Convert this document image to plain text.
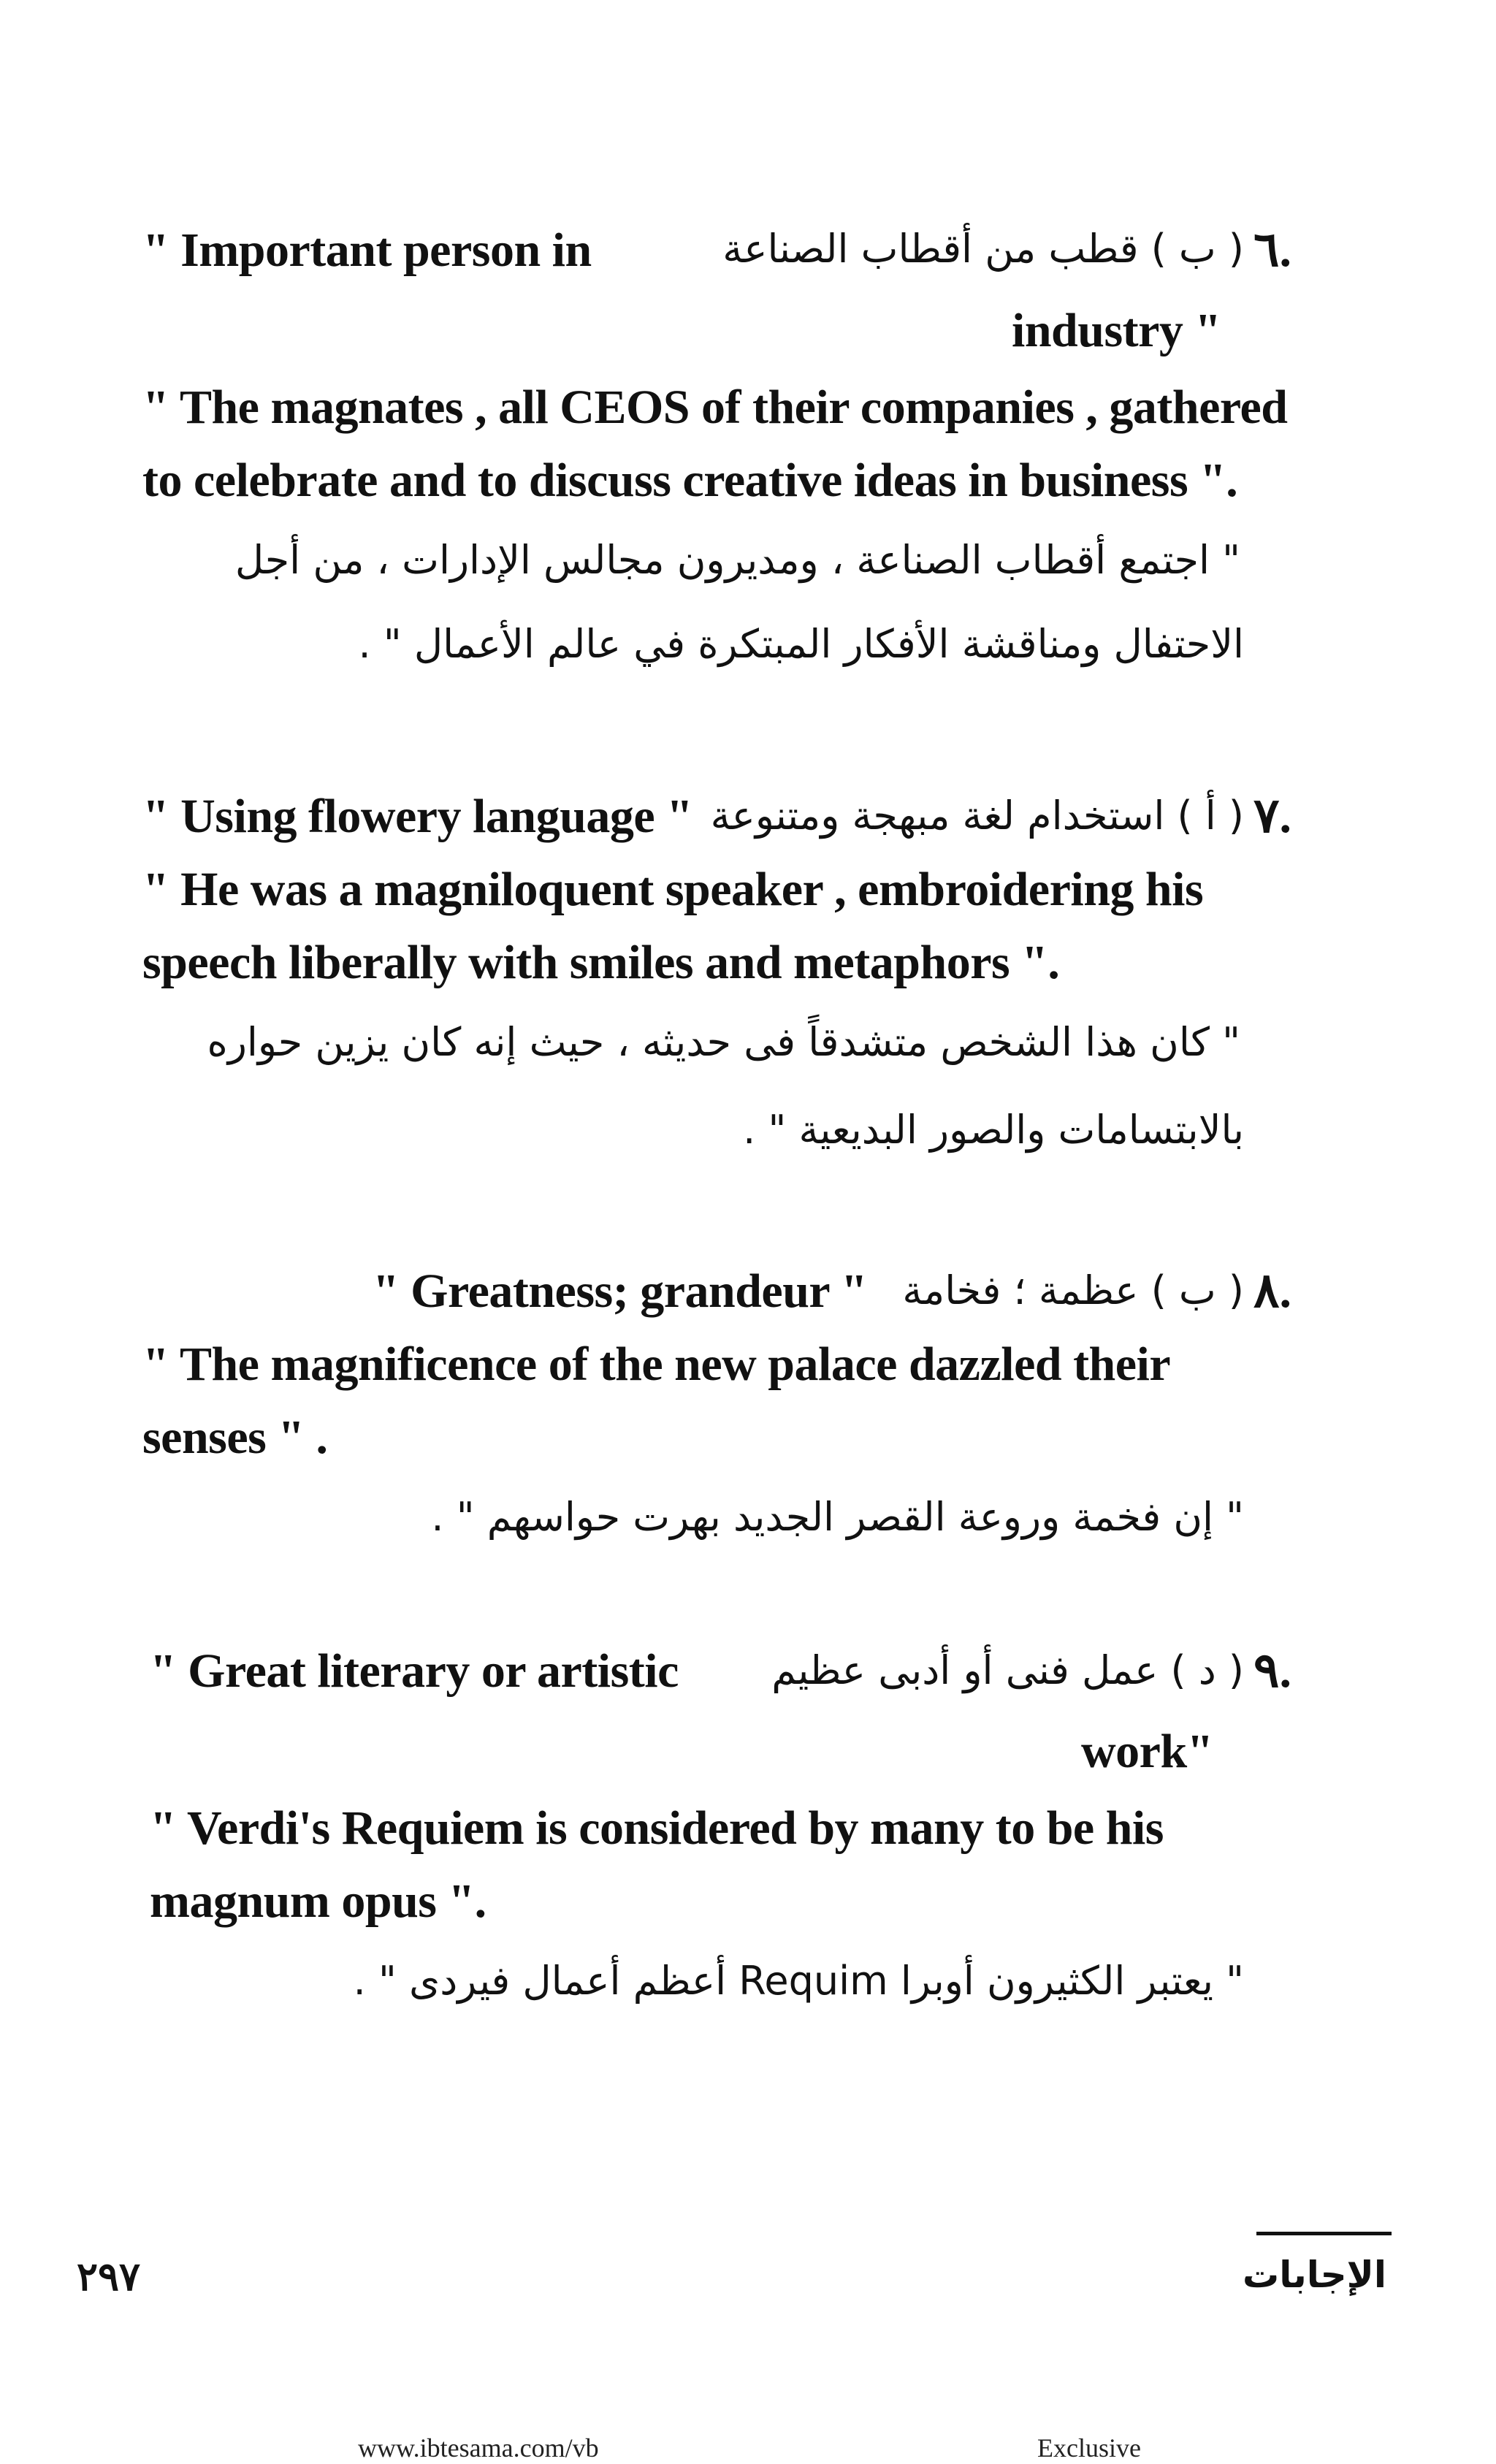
٦.
( ب ) قطب من أقطاب الصناعة
" Important person in
industry "
" The magnates , all CEOS of their companies , gathered
to celebrate and to discuss creative ideas in business ".
" اجتمع أقطاب الصناعة ، ومديرون مجالس الإدارات ، من أجل
الاحتفال ومناقشة الأفكار المبتكرة في عالم الأعمال " .
٧.
( أ ) استخدام لغة مبهجة ومتنوعة
" Using flowery language "
" He was a magniloquent speaker , embroidering his
speech liberally with smiles and metaphors ".
" كان هذا الشخص متشدقاً فى حديثه ، حيث إنه كان يزين حواره
بالابتسامات والصور البديعية " .
٨.
( ب ) عظمة ؛ فخامة
" Greatness; grandeur "
" The magnificence of the new palace dazzled their
senses " .
" إن فخمة وروعة القصر الجديد بهرت حواسهم " .
٩.
( د ) عمل فنى أو أدبى عظيم
" Great literary or artistic
work"
" Verdi's Requiem is considered by many to be his
magnum opus ".
" يعتبر الكثيرون أوبرا Requim أعظم أعمال فيردى " .
الإجابات
٢٩٧
www.ibtesama.com/vb	Exclusive
